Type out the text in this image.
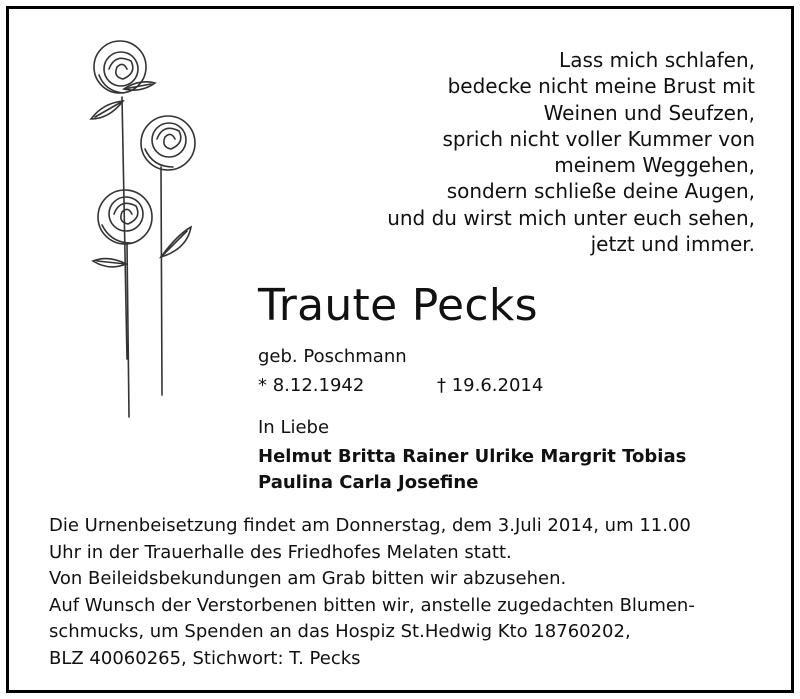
Lass mich schlafen,
bedecke nicht meine Brust mit
Weinen und Seufzen,
sprich nicht voller Kummer von
meinem Weggehen,
sondern schließe deine Augen,
und du wirst mich unter euch sehen,
jetzt und immer.
Traute Pecks
geb. Poschmann
* 8.12.1942	† 19.6.2014
In Liebe
Helmut Britta Rainer Ulrike Margrit Tobias
Paulina Carla Josefine
Die Urnenbeisetzung findet am Donnerstag, dem 3.Juli 2014, um 11.00
Uhr in der Trauerhalle des Friedhofes Melaten statt.
Von Beileidsbekundungen am Grab bitten wir abzusehen.
Auf Wunsch der Verstorbenen bitten wir, anstelle zugedachten Blumen-
schmucks, um Spenden an das Hospiz St.Hedwig Kto 18760202,
BLZ 40060265, Stichwort: T. Pecks
